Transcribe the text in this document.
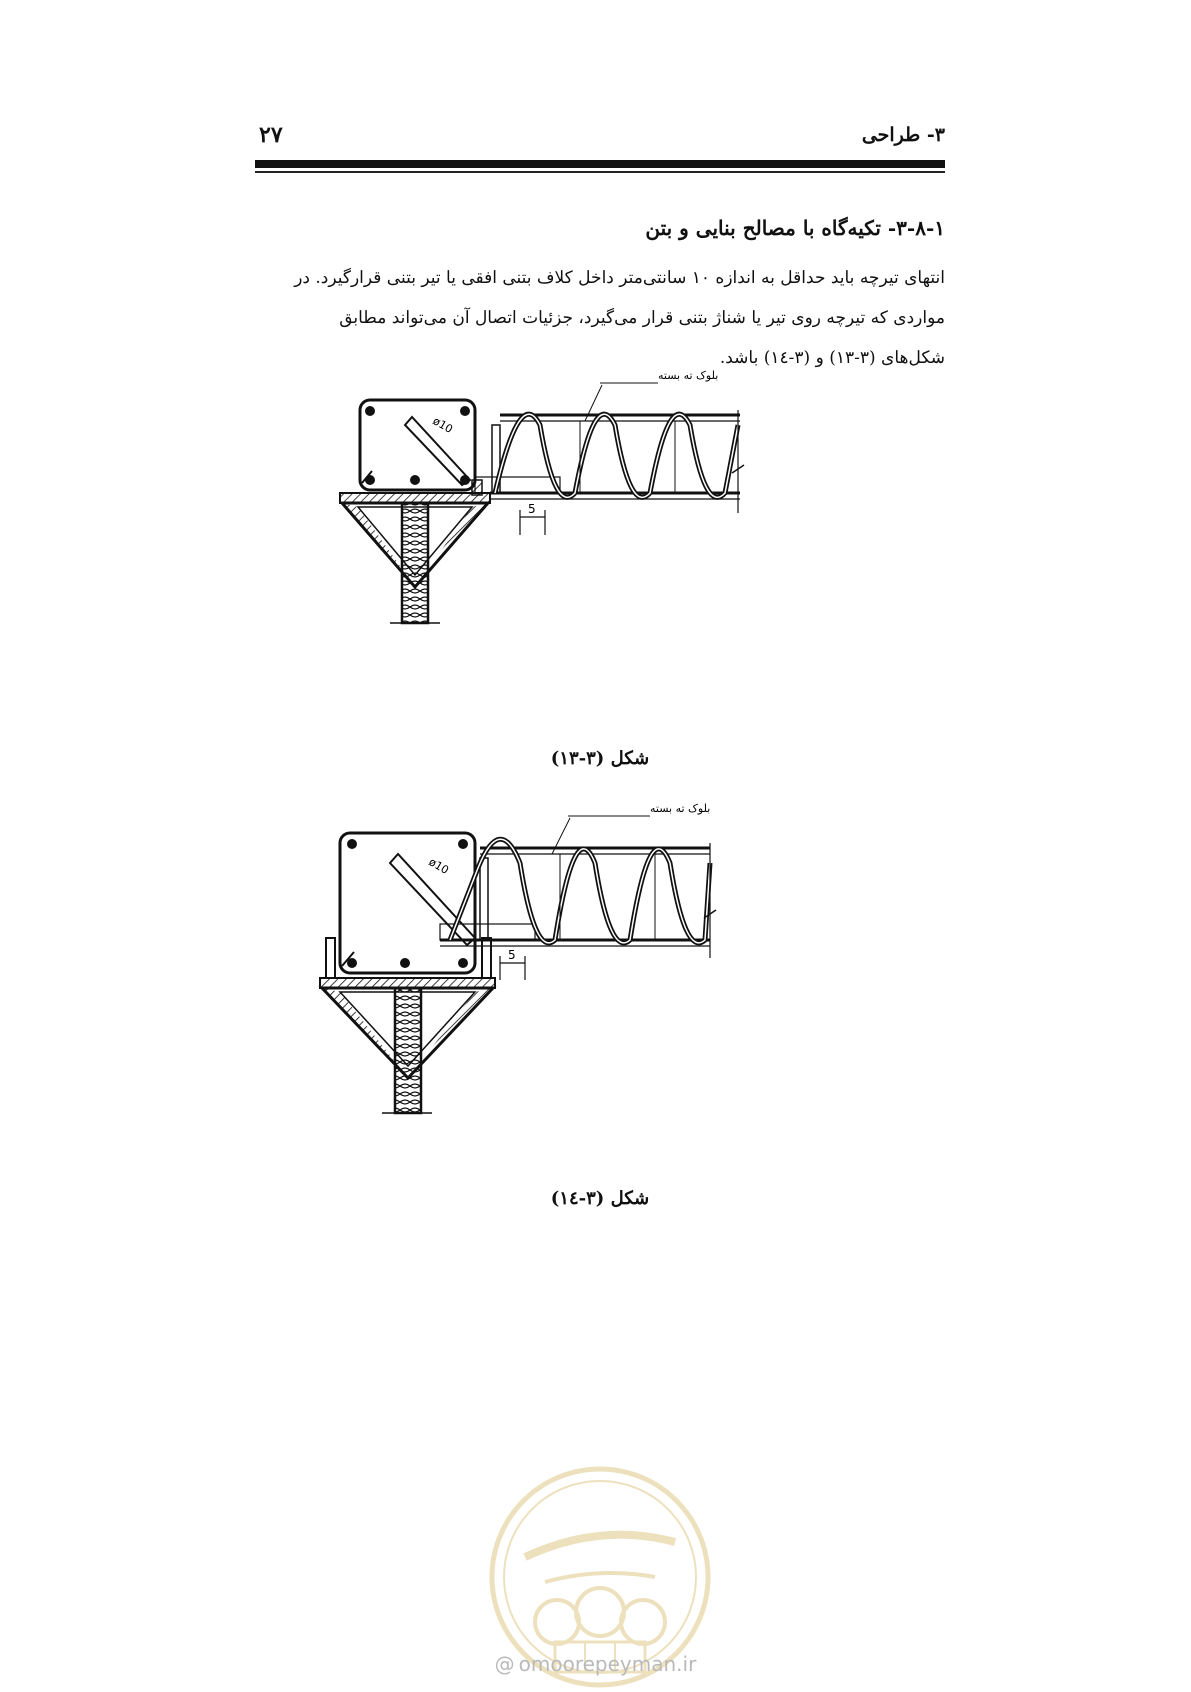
۲۷	۳- طراحی
۳-۸-۱- تکیه‌گاه با مصالح بنایی و بتن
انتهای تیرچه باید حداقل به اندازه ۱۰ سانتی‌متر داخل کلاف بتنی افقی یا تیر بتنی قرارگیرد. در
مواردی که تیرچه روی تیر یا شناژ بتنی قرار می‌گیرد، جزئیات اتصال آن می‌تواند مطابق
شکل‌های (۳-۱۳) و (۳-۱٤) باشد.
ø10
بلوک ته بسته
5
شکل (۳-۱۳)
ø10
بلوک ته بسته
5
شکل (۳-۱٤)
@ omoorepeyman.ir
